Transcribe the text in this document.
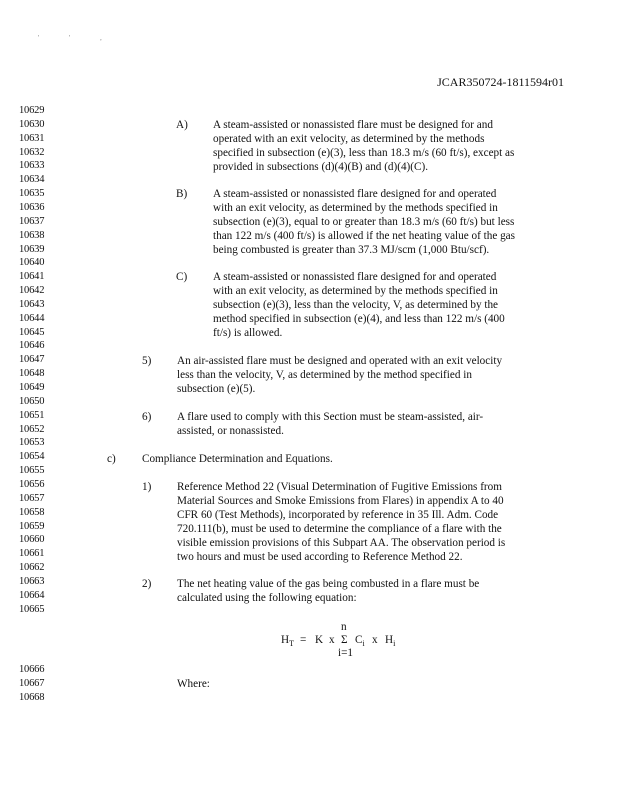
' ' ,
JCAR350724-1811594r01
10629
10630
10631
10632
10633
10634
10635
10636
10637
10638
10639
10640
10641
10642
10643
10644
10645
10646
10647
10648
10649
10650
10651
10652
10653
10654
10655
10656
10657
10658
10659
10660
10661
10662
10663
10664
10665
10666
10667
10668
A) A steam-assisted or nonassisted flare must be designed for and
operated with an exit velocity, as determined by the methods
specified in subsection (e)(3), less than 18.3 m/s (60 ft/s), except as
provided in subsections (d)(4)(B) and (d)(4)(C).
B) A steam-assisted or nonassisted flare designed for and operated
with an exit velocity, as determined by the methods specified in
subsection (e)(3), equal to or greater than 18.3 m/s (60 ft/s) but less
than 122 m/s (400 ft/s) is allowed if the net heating value of the gas
being combusted is greater than 37.3 MJ/scm (1,000 Btu/scf).
C) A steam-assisted or nonassisted flare designed for and operated
with an exit velocity, as determined by the methods specified in
subsection (e)(3), less than the velocity, V, as determined by the
method specified in subsection (e)(4), and less than 122 m/s (400
ft/s) is allowed.
5) An air-assisted flare must be designed and operated with an exit velocity
less than the velocity, V, as determined by the method specified in
subsection (e)(5).
6) A flare used to comply with this Section must be steam-assisted, air-
assisted, or nonassisted.
c) Compliance Determination and Equations.
1) Reference Method 22 (Visual Determination of Fugitive Emissions from
Material Sources and Smoke Emissions from Flares) in appendix A to 40
CFR 60 (Test Methods), incorporated by reference in 35 Ill. Adm. Code
720.111(b), must be used to determine the compliance of a flare with the
visible emission provisions of this Subpart AA. The observation period is
two hours and must be used according to Reference Method 22.
2) The net heating value of the gas being combusted in a flare must be
calculated using the following equation:
n
$H_T = K$ x Σ $C_i$ x $H_i$
i=1
Where:
